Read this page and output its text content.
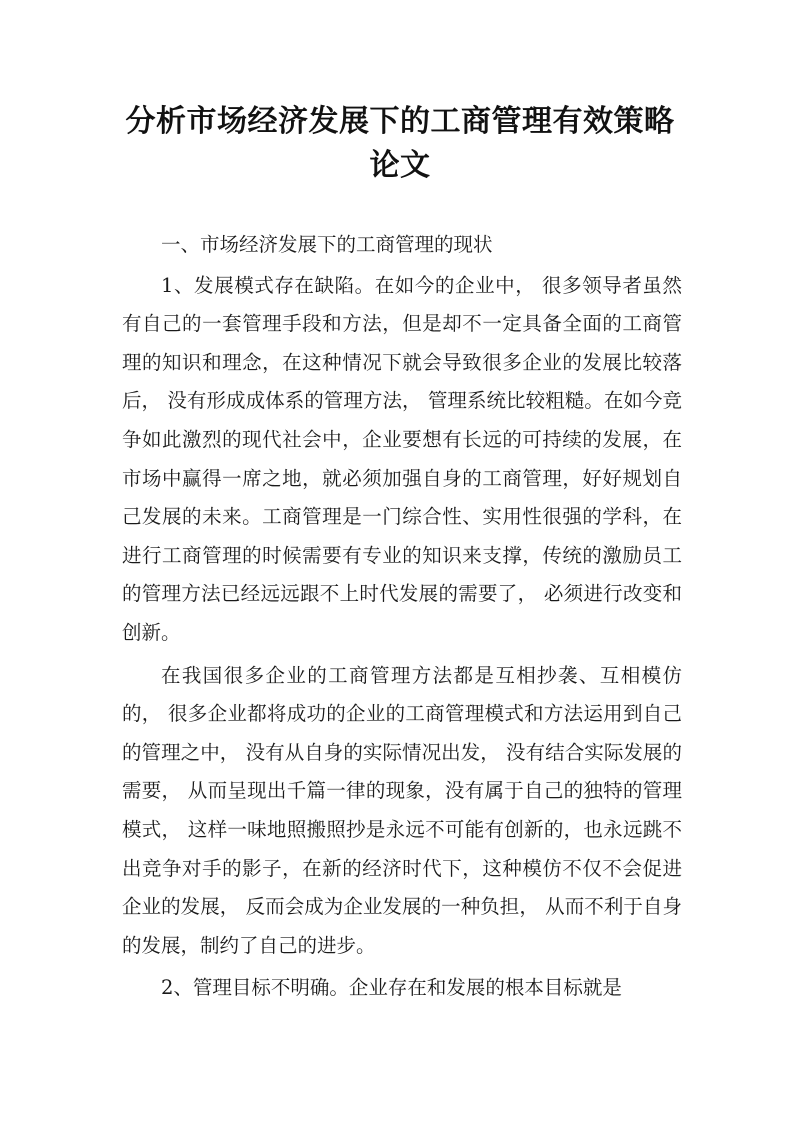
分析市场经济发展下的工商管理有效策略
论文

一、市场经济发展下的工商管理的现状

1、发展模式存在缺陷。在如今的企业中， 很多领导者虽然有自己的一套管理手段和方法，但是却不一定具备全面的工商管理的知识和理念，在这种情况下就会导致很多企业的发展比较落后， 没有形成成体系的管理方法， 管理系统比较粗糙。在如今竞争如此激烈的现代社会中，企业要想有长远的可持续的发展，在市场中赢得一席之地，就必须加强自身的工商管理，好好规划自己发展的未来。工商管理是一门综合性、实用性很强的学科，在进行工商管理的时候需要有专业的知识来支撑，传统的激励员工的管理方法已经远远跟不上时代发展的需要了， 必须进行改变和创新。

在我国很多企业的工商管理方法都是互相抄袭、互相模仿的， 很多企业都将成功的企业的工商管理模式和方法运用到自己的管理之中， 没有从自身的实际情况出发， 没有结合实际发展的需要， 从而呈现出千篇一律的现象，没有属于自己的独特的管理模式， 这样一味地照搬照抄是永远不可能有创新的，也永远跳不出竞争对手的影子，在新的经济时代下，这种模仿不仅不会促进企业的发展， 反而会成为企业发展的一种负担， 从而不利于自身的发展，制约了自己的进步。

2、管理目标不明确。企业存在和发展的根本目标就是
